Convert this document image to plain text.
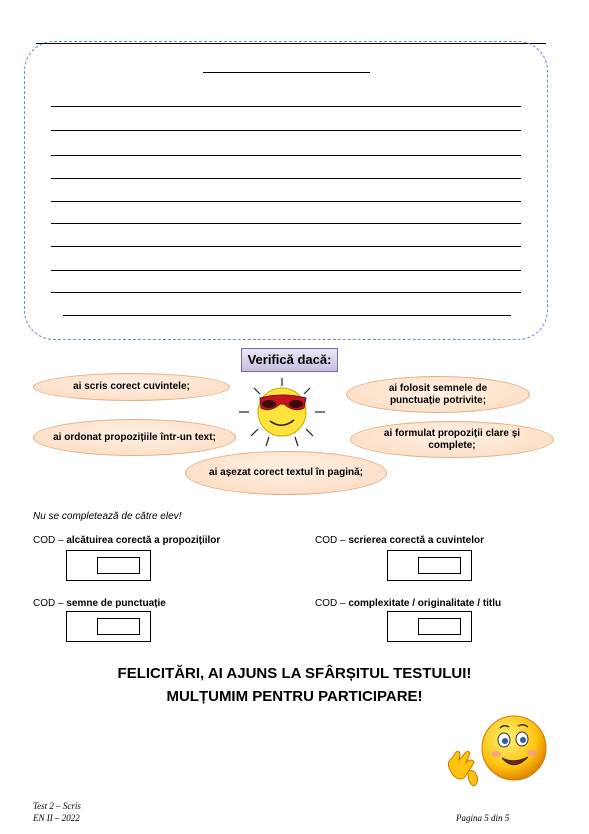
Verifică dacă:
ai scris corect cuvintele;	ai folosit semnele de punctuație potrivite;
ai ordonat propozițiile într-un text;	ai formulat propoziții clare și complete;
ai așezat corect textul în pagină;
Nu se completează de către elev!
COD – alcătuirea corectă a propozițiilor	COD – scrierea corectă a cuvintelor
COD – semne de punctuație	COD – complexitate / originalitate / titlu
FELICITĂRI, AI AJUNS LA SFÂRȘITUL TESTULUI!
MULȚUMIM PENTRU PARTICIPARE!
Test 2 – Scris
EN II – 2022	Pagina 5 din 5
